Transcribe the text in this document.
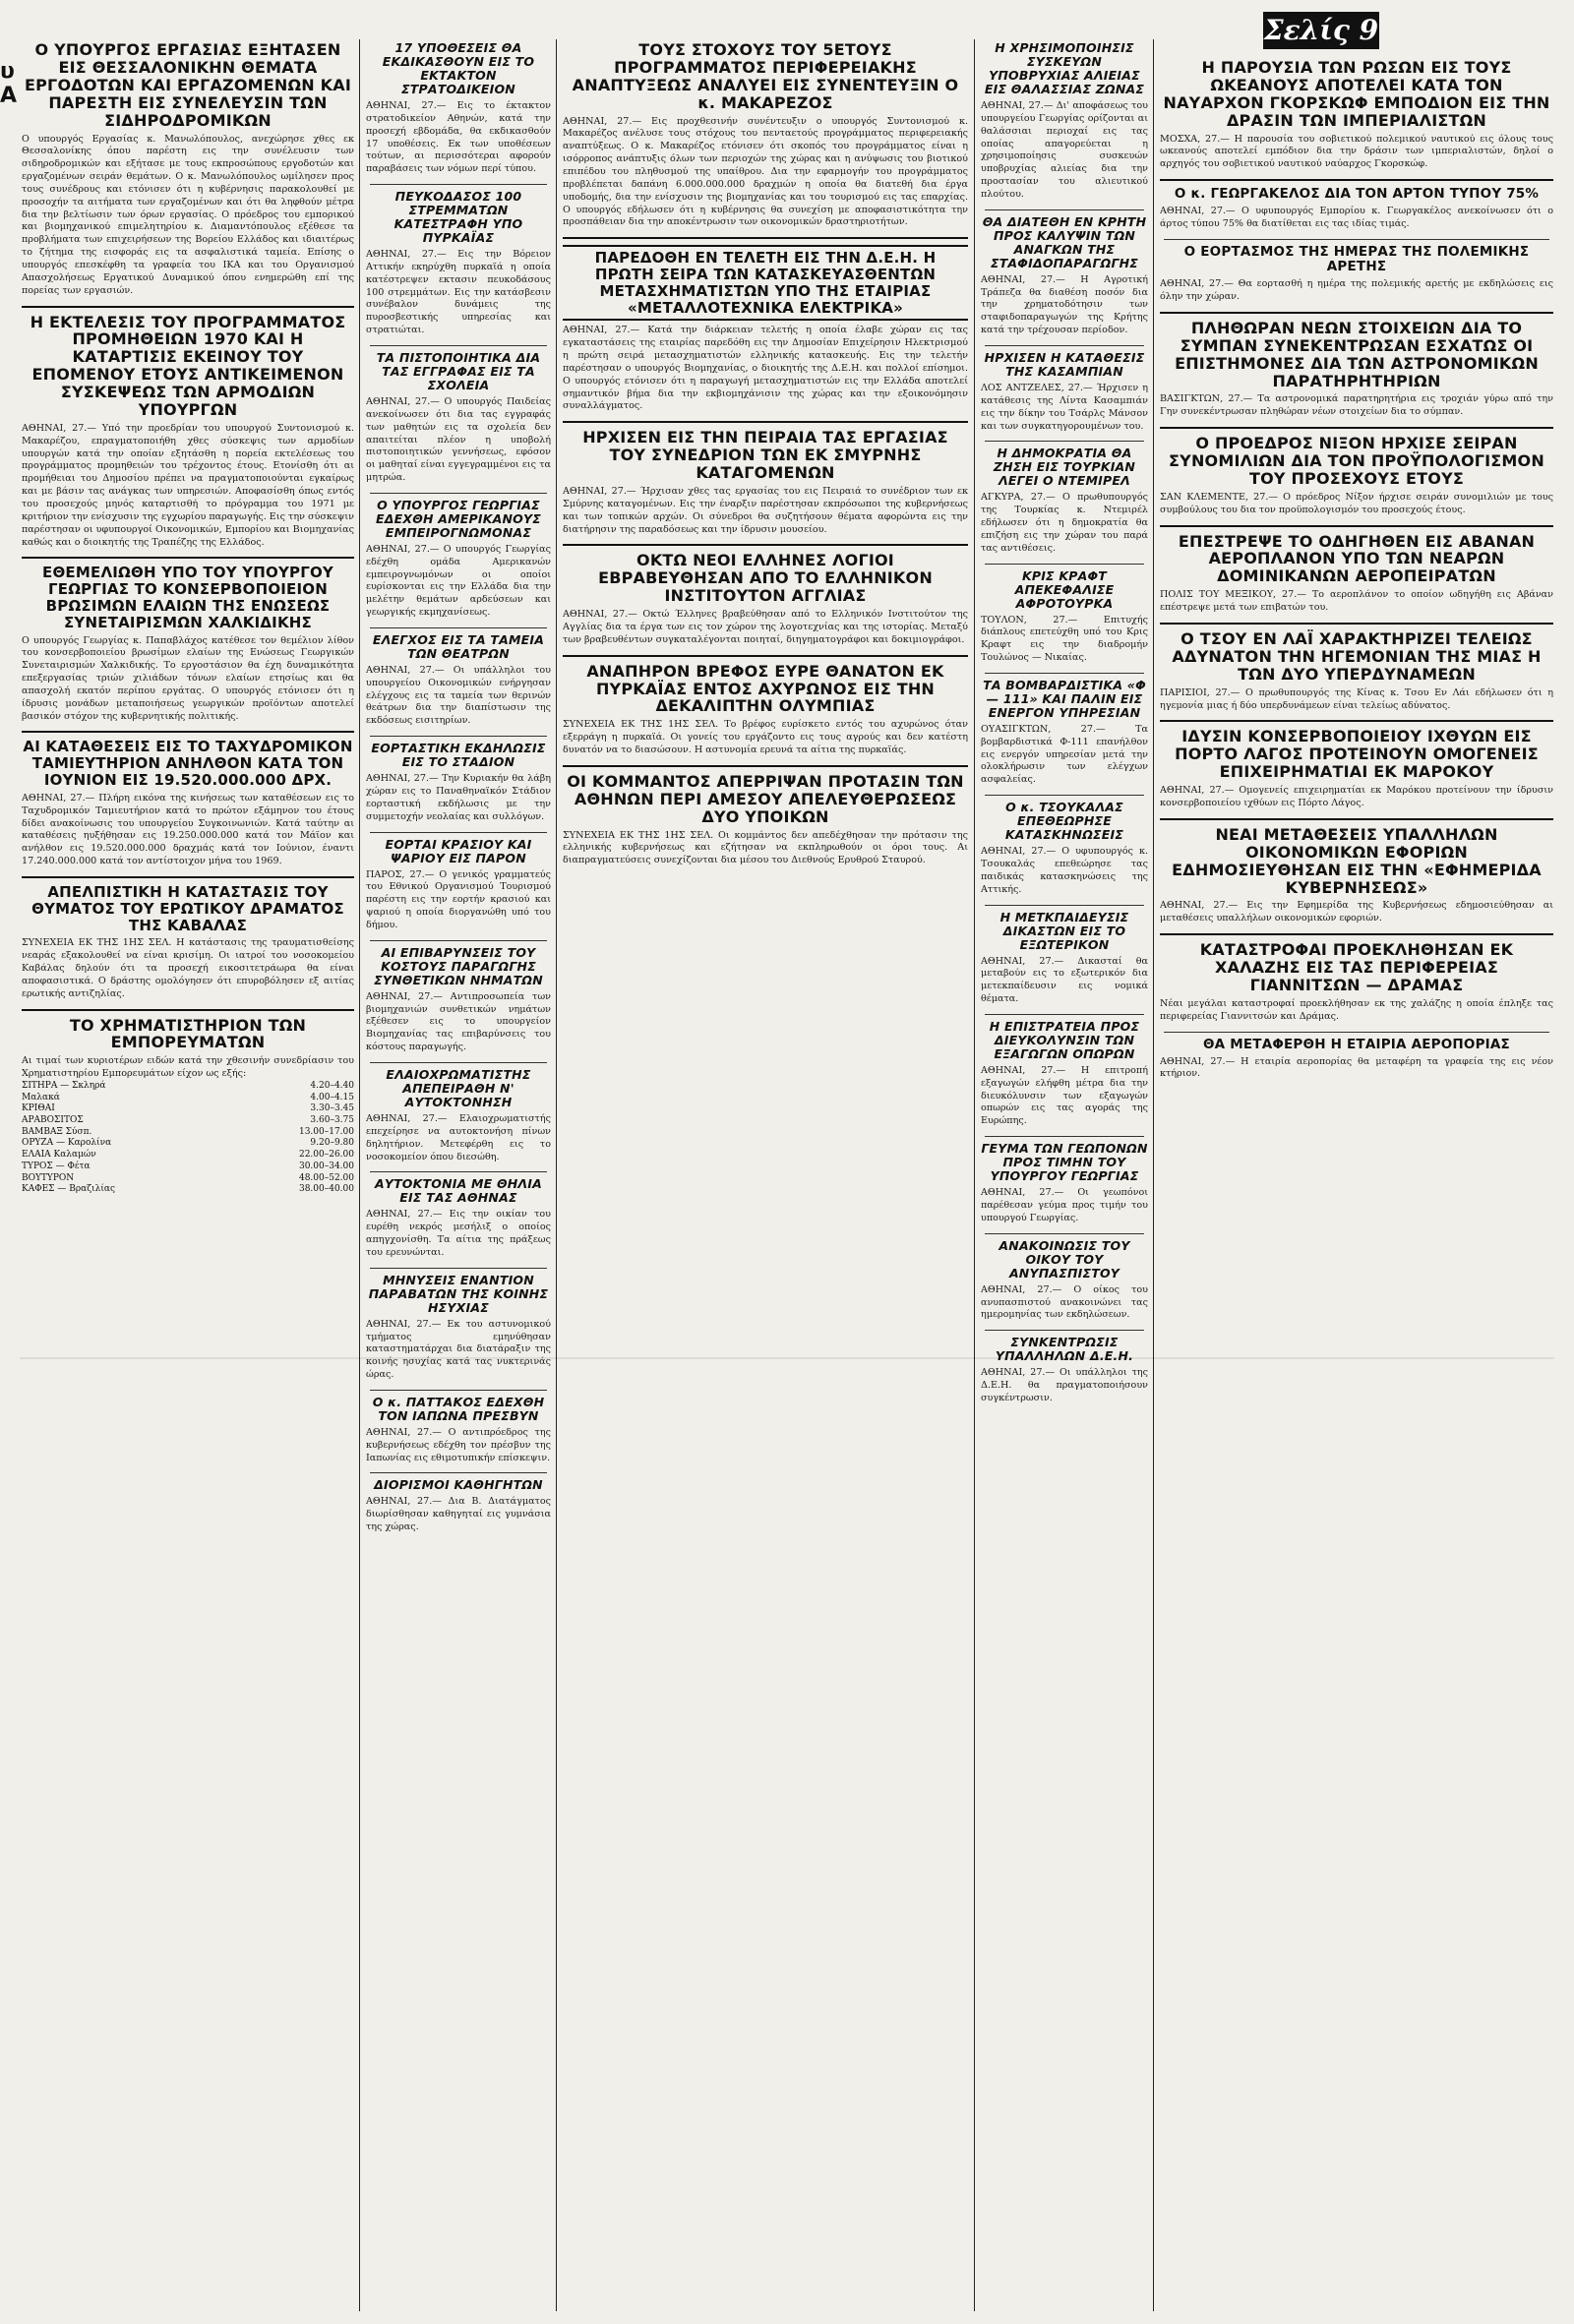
υ Α
Σελίς 9
Ο ΥΠΟΥΡΓΟΣ ΕΡΓΑΣΙΑΣ ΕΞΗΤΑΣΕΝ ΕΙΣ ΘΕΣΣΑΛΟΝΙΚΗΝ ΘΕΜΑΤΑ ΕΡΓΟΔΟΤΩΝ ΚΑΙ ΕΡΓΑΖΟΜΕΝΩΝ ΚΑΙ ΠΑΡΕΣΤΗ ΕΙΣ ΣΥΝΕΛΕΥΣΙΝ ΤΩΝ ΣΙΔΗΡΟΔΡΟΜΙΚΩΝ

Ο υπουργός Εργασίας κ. Μανωλόπουλος, ανεχώρησε χθες εκ Θεσσαλονίκης όπου παρέστη εις την συνέλευσιν των σιδηροδρομικών και εξήτασε με τους εκπροσώπους εργοδοτών και εργαζομένων σειράν θεμάτων. Ο κ. Μανωλόπουλος ωμίλησεν προς τους συνέδρους και ετόνισεν ότι η κυβέρνησις παρακολουθεί με προσοχήν τα αιτήματα των εργαζομένων και ότι θα ληφθούν μέτρα δια την βελτίωσιν των όρων εργασίας. Ο πρόεδρος του εμπορικού και βιομηχανικού επιμελητηρίου κ. Διαμαντόπουλος εξέθεσε τα προβλήματα των επιχειρήσεων της Βορείου Ελλάδος και ιδιαιτέρως το ζήτημα της εισφοράς εις τα ασφαλιστικά ταμεία. Επίσης ο υπουργός επεσκέφθη τα γραφεία του ΙΚΑ και του Οργανισμού Απασχολήσεως Εργατικού Δυναμικού όπου ενημερώθη επί της πορείας των εργασιών.

Η ΕΚΤΕΛΕΣΙΣ ΤΟΥ ΠΡΟΓΡΑΜΜΑΤΟΣ ΠΡΟΜΗΘΕΙΩΝ 1970 ΚΑΙ Η ΚΑΤΑΡΤΙΣΙΣ ΕΚΕΙΝΟΥ ΤΟΥ ΕΠΟΜΕΝΟΥ ΕΤΟΥΣ ΑΝΤΙΚΕΙΜΕΝΟΝ ΣΥΣΚΕΨΕΩΣ ΤΩΝ ΑΡΜΟΔΙΩΝ ΥΠΟΥΡΓΩΝ

ΑΘΗΝΑΙ, 27.— Υπό την προεδρίαν του υπουργού Συντονισμού κ. Μακαρέζου, επραγματοποιήθη χθες σύσκεψις των αρμοδίων υπουργών κατά την οποίαν εξητάσθη η πορεία εκτελέσεως του προγράμματος προμηθειών του τρέχοντος έτους. Ετονίσθη ότι αι προμήθειαι του Δημοσίου πρέπει να πραγματοποιούνται εγκαίρως και με βάσιν τας ανάγκας των υπηρεσιών. Αποφασίσθη όπως εντός του προσεχούς μηνός καταρτισθή το πρόγραμμα του 1971 με κριτήριον την ενίσχυσιν της εγχωρίου παραγωγής. Εις την σύσκεψιν παρέστησαν οι υφυπουργοί Οικονομικών, Εμπορίου και Βιομηχανίας καθώς και ο διοικητής της Τραπέζης της Ελλάδος.

ΕΘΕΜΕΛΙΩΘΗ ΥΠΟ ΤΟΥ ΥΠΟΥΡΓΟΥ ΓΕΩΡΓΙΑΣ ΤΟ ΚΟΝΣΕΡΒΟΠΟΙΕΙΟΝ ΒΡΩΣΙΜΩΝ ΕΛΑΙΩΝ ΤΗΣ ΕΝΩΣΕΩΣ ΣΥΝΕΤΑΙΡΙΣΜΩΝ ΧΑΛΚΙΔΙΚΗΣ

Ο υπουργός Γεωργίας κ. Παπαβλάχος κατέθεσε τον θεμέλιον λίθον του κονσερβοποιείου βρωσίμων ελαίων της Ενώσεως Γεωργικών Συνεταιρισμών Χαλκιδικής. Το εργοστάσιον θα έχη δυναμικότητα επεξεργασίας τριών χιλιάδων τόνων ελαίων ετησίως και θα απασχολή εκατόν περίπου εργάτας. Ο υπουργός ετόνισεν ότι η ίδρυσις μονάδων μεταποιήσεως γεωργικών προϊόντων αποτελεί βασικόν στόχον της κυβερνητικής πολιτικής.

ΑΙ ΚΑΤΑΘΕΣΕΙΣ ΕΙΣ ΤΟ ΤΑΧΥΔΡΟΜΙΚΟΝ ΤΑΜΙΕΥΤΗΡΙΟΝ ΑΝΗΛΘΟΝ ΚΑΤΑ ΤΟΝ ΙΟΥΝΙΟΝ ΕΙΣ 19.520.000.000 ΔΡΧ.

ΑΘΗΝΑΙ, 27.— Πλήρη εικόνα της κινήσεως των καταθέσεων εις το Ταχυδρομικόν Ταμιευτήριον κατά το πρώτον εξάμηνον του έτους δίδει ανακοίνωσις του υπουργείου Συγκοινωνιών. Κατά ταύτην αι καταθέσεις ηυξήθησαν εις 19.250.000.000 κατά τον Μάϊον και ανήλθον εις 19.520.000.000 δραχμάς κατά τον Ιούνιον, έναντι 17.240.000.000 κατά τον αντίστοιχον μήνα του 1969.

ΑΠΕΛΠΙΣΤΙΚΗ Η ΚΑΤΑΣΤΑΣΙΣ ΤΟΥ ΘΥΜΑΤΟΣ ΤΟΥ ΕΡΩΤΙΚΟΥ ΔΡΑΜΑΤΟΣ ΤΗΣ ΚΑΒΑΛΑΣ

ΣΥΝΕΧΕΙΑ ΕΚ ΤΗΣ 1ΗΣ ΣΕΛ. Η κατάστασις της τραυματισθείσης νεαράς εξακολουθεί να είναι κρισίμη. Οι ιατροί του νοσοκομείου Καβάλας δηλούν ότι τα προσεχή εικοσιτετράωρα θα είναι αποφασιστικά. Ο δράστης ομολόγησεν ότι επυροβόλησεν εξ αιτίας ερωτικής αντιζηλίας.

ΤΟ ΧΡΗΜΑΤΙΣΤΗΡΙΟΝ ΤΩΝ ΕΜΠΟΡΕΥΜΑΤΩΝ

Αι τιμαί των κυριοτέρων ειδών κατά την χθεσινήν συνεδρίασιν του Χρηματιστηρίου Εμπορευμάτων είχον ως εξής:

ΣΙΤΗΡΑ — Σκληρά	4.20–4.40
Μαλακά	4.00–4.15
ΚΡΙΘΑΙ	3.30–3.45
ΑΡΑΒΟΣΙΤΟΣ	3.60–3.75
ΒΑΜΒΑΞ Σύσπ.	13.00–17.00
ΟΡΥΖΑ — Καρολίνα	9.20–9.80
ΕΛΑΙΑ Καλαμών	22.00–26.00
ΤΥΡΟΣ — Φέτα	30.00–34.00
ΒΟΥΤΥΡΟΝ	48.00–52.00
ΚΑΦΕΣ — Βραζιλίας	38.00–40.00
17 ΥΠΟΘΕΣΕΙΣ ΘΑ ΕΚΔΙΚΑΣΘΟΥΝ ΕΙΣ ΤΟ ΕΚΤΑΚΤΟΝ ΣΤΡΑΤΟΔΙΚΕΙΟΝ

ΑΘΗΝΑΙ, 27.— Εις το έκτακτον στρατοδικείον Αθηνών, κατά την προσεχή εβδομάδα, θα εκδικασθούν 17 υποθέσεις. Εκ των υποθέσεων τούτων, αι περισσότεραι αφορούν παραβάσεις των νόμων περί τύπου.

ΠΕΥΚΟΔΑΣΟΣ 100 ΣΤΡΕΜΜΑΤΩΝ ΚΑΤΕΣΤΡΑΦΗ ΥΠΟ ΠΥΡΚΑΪΑΣ

ΑΘΗΝΑΙ, 27.— Εις την Βόρειον Αττικήν εκηρύχθη πυρκαϊά η οποία κατέστρεψεν εκτασιν πευκοδάσους 100 στρεμμάτων. Εις την κατάσβεσιν συνέβαλον δυνάμεις της πυροσβεστικής υπηρεσίας και στρατιώται.

ΤΑ ΠΙΣΤΟΠΟΙΗΤΙΚΑ ΔΙΑ ΤΑΣ ΕΓΓΡΑΦΑΣ ΕΙΣ ΤΑ ΣΧΟΛΕΙΑ

ΑΘΗΝΑΙ, 27.— Ο υπουργός Παιδείας ανεκοίνωσεν ότι δια τας εγγραφάς των μαθητών εις τα σχολεία δεν απαιτείται πλέον η υποβολή πιστοποιητικών γεννήσεως, εφόσον οι μαθηταί είναι εγγεγραμμένοι εις τα μητρώα.

Ο ΥΠΟΥΡΓΟΣ ΓΕΩΡΓΙΑΣ ΕΔΕΧΘΗ ΑΜΕΡΙΚΑΝΟΥΣ ΕΜΠΕΙΡΟΓΝΩΜΟΝΑΣ

ΑΘΗΝΑΙ, 27.— Ο υπουργός Γεωργίας εδέχθη ομάδα Αμερικανών εμπειρογνωμόνων οι οποίοι ευρίσκονται εις την Ελλάδα δια την μελέτην θεμάτων αρδεύσεων και γεωργικής εκμηχανίσεως.

ΕΛΕΓΧΟΣ ΕΙΣ ΤΑ ΤΑΜΕΙΑ ΤΩΝ ΘΕΑΤΡΩΝ

ΑΘΗΝΑΙ, 27.— Οι υπάλληλοι του υπουργείου Οικονομικών ενήργησαν ελέγχους εις τα ταμεία των θερινών θεάτρων δια την διαπίστωσιν της εκδόσεως εισιτηρίων.

ΕΟΡΤΑΣΤΙΚΗ ΕΚΔΗΛΩΣΙΣ ΕΙΣ ΤΟ ΣΤΑΔΙΟΝ

ΑΘΗΝΑΙ, 27.— Την Κυριακήν θα λάβη χώραν εις το Παναθηναϊκόν Στάδιον εορταστική εκδήλωσις με την συμμετοχήν νεολαίας και συλλόγων.

ΕΟΡΤΑΙ ΚΡΑΣΙΟΥ ΚΑΙ ΨΑΡΙΟΥ ΕΙΣ ΠΑΡΟΝ

ΠΑΡΟΣ, 27.— Ο γενικός γραμματεύς του Εθνικού Οργανισμού Τουρισμού παρέστη εις την εορτήν κρασιού και ψαριού η οποία διοργανώθη υπό του δήμου.

ΑΙ ΕΠΙΒΑΡΥΝΣΕΙΣ ΤΟΥ ΚΟΣΤΟΥΣ ΠΑΡΑΓΩΓΗΣ ΣΥΝΘΕΤΙΚΩΝ ΝΗΜΑΤΩΝ

ΑΘΗΝΑΙ, 27.— Αντιπροσωπεία των βιομηχανιών συνθετικών νημάτων εξέθεσεν εις το υπουργείον Βιομηχανίας τας επιβαρύνσεις του κόστους παραγωγής.

ΕΛΑΙΟΧΡΩΜΑΤΙΣΤΗΣ ΑΠΕΠΕΙΡΑΘΗ Ν' ΑΥΤΟΚΤΟΝΗΣΗ

ΑΘΗΝΑΙ, 27.— Ελαιοχρωματιστής επεχείρησε να αυτοκτονήση πίνων δηλητήριον. Μετεφέρθη εις το νοσοκομείον όπου διεσώθη.

ΑΥΤΟΚΤΟΝΙΑ ΜΕ ΘΗΛΙΑ ΕΙΣ ΤΑΣ ΑΘΗΝΑΣ

ΑΘΗΝΑΙ, 27.— Εις την οικίαν του ευρέθη νεκρός μεσήλιξ ο οποίος απηγχονίσθη. Τα αίτια της πράξεως του ερευνώνται.

ΜΗΝΥΣΕΙΣ ΕΝΑΝΤΙΟΝ ΠΑΡΑΒΑΤΩΝ ΤΗΣ ΚΟΙΝΗΣ ΗΣΥΧΙΑΣ

ΑΘΗΝΑΙ, 27.— Εκ του αστυνομικού τμήματος εμηνύθησαν καταστηματάρχαι δια διατάραξιν της κοινής ησυχίας κατά τας νυκτερινάς ώρας.

Ο κ. ΠΑΤΤΑΚΟΣ ΕΔΕΧΘΗ ΤΟΝ ΙΑΠΩΝΑ ΠΡΕΣΒΥΝ

ΑΘΗΝΑΙ, 27.— Ο αντιπρόεδρος της κυβερνήσεως εδέχθη τον πρέσβυν της Ιαπωνίας εις εθιμοτυπικήν επίσκεψιν.

ΔΙΟΡΙΣΜΟΙ ΚΑΘΗΓΗΤΩΝ

ΑΘΗΝΑΙ, 27.— Δια Β. Διατάγματος διωρίσθησαν καθηγηταί εις γυμνάσια της χώρας.

ΤΟΥΣ ΣΤΟΧΟΥΣ ΤΟΥ 5ΕΤΟΥΣ ΠΡΟΓΡΑΜΜΑΤΟΣ ΠΕΡΙΦΕΡΕΙΑΚΗΣ ΑΝΑΠΤΥΞΕΩΣ ΑΝΑΛΥΕΙ ΕΙΣ ΣΥΝΕΝΤΕΥΞΙΝ Ο κ. ΜΑΚΑΡΕΖΟΣ

ΑΘΗΝΑΙ, 27.— Εις προχθεσινήν συνέντευξιν ο υπουργός Συντονισμού κ. Μακαρέζος ανέλυσε τους στόχους του πενταετούς προγράμματος περιφερειακής αναπτύξεως. Ο κ. Μακαρέζος ετόνισεν ότι σκοπός του προγράμματος είναι η ισόρροπος ανάπτυξις όλων των περιοχών της χώρας και η ανύψωσις του βιοτικού επιπέδου του πληθυσμού της υπαίθρου. Δια την εφαρμογήν του προγράμματος προβλέπεται δαπάνη 6.000.000.000 δραχμών η οποία θα διατεθή δια έργα υποδομής, δια την ενίσχυσιν της βιομηχανίας και του τουρισμού εις τας επαρχίας. Ο υπουργός εδήλωσεν ότι η κυβέρνησις θα συνεχίση με αποφασιστικότητα την προσπάθειαν δια την αποκέντρωσιν των οικονομικών δραστηριοτήτων.

ΠΑΡΕΔΟΘΗ ΕΝ ΤΕΛΕΤΗ ΕΙΣ ΤΗΝ Δ.Ε.Η. Η ΠΡΩΤΗ ΣΕΙΡΑ ΤΩΝ ΚΑΤΑΣΚΕΥΑΣΘΕΝΤΩΝ ΜΕΤΑΣΧΗΜΑΤΙΣΤΩΝ ΥΠΟ ΤΗΣ ΕΤΑΙΡΙΑΣ «ΜΕΤΑΛΛΟΤΕΧΝΙΚΑ ΕΛΕΚΤΡΙΚΑ»

ΑΘΗΝΑΙ, 27.— Κατά την διάρκειαν τελετής η οποία έλαβε χώραν εις τας εγκαταστάσεις της εταιρίας παρεδόθη εις την Δημοσίαν Επιχείρησιν Ηλεκτρισμού η πρώτη σειρά μετασχηματιστών ελληνικής κατασκευής. Εις την τελετήν παρέστησαν ο υπουργός Βιομηχανίας, ο διοικητής της Δ.Ε.Η. και πολλοί επίσημοι. Ο υπουργός ετόνισεν ότι η παραγωγή μετασχηματιστών εις την Ελλάδα αποτελεί σημαντικόν βήμα δια την εκβιομηχάνισιν της χώρας και την εξοικονόμησιν συναλλάγματος.

ΗΡΧΙΣΕΝ ΕΙΣ ΤΗΝ ΠΕΙΡΑΙΑ ΤΑΣ ΕΡΓΑΣΙΑΣ ΤΟΥ ΣΥΝΕΔΡΙΟΝ ΤΩΝ ΕΚ ΣΜΥΡΝΗΣ ΚΑΤΑΓΟΜΕΝΩΝ

ΑΘΗΝΑΙ, 27.— Ήρχισαν χθες τας εργασίας του εις Πειραιά το συνέδριον των εκ Σμύρνης καταγομένων. Εις την έναρξιν παρέστησαν εκπρόσωποι της κυβερνήσεως και των τοπικών αρχών. Οι σύνεδροι θα συζητήσουν θέματα αφορώντα εις την διατήρησιν της παραδόσεως και την ίδρυσιν μουσείου.

ΟΚΤΩ ΝΕΟΙ ΕΛΛΗΝΕΣ ΛΟΓΙΟΙ ΕΒΡΑΒΕΥΘΗΣΑΝ ΑΠΟ ΤΟ ΕΛΛΗΝΙΚΟΝ ΙΝΣΤΙΤΟΥΤΟΝ ΑΓΓΛΙΑΣ

ΑΘΗΝΑΙ, 27.— Οκτώ Έλληνες βραβεύθησαν από το Ελληνικόν Ινστιτούτον της Αγγλίας δια τα έργα των εις τον χώρον της λογοτεχνίας και της ιστορίας. Μεταξύ των βραβευθέντων συγκαταλέγονται ποιηταί, διηγηματογράφοι και δοκιμιογράφοι.

ΑΝΑΠΗΡΟΝ ΒΡΕΦΟΣ ΕΥΡΕ ΘΑΝΑΤΟΝ ΕΚ ΠΥΡΚΑΪΑΣ ΕΝΤΟΣ ΑΧΥΡΩΝΟΣ ΕΙΣ ΤΗΝ ΔΕΚΑΛΙΠΤΗΝ ΟΛΥΜΠΙΑΣ

ΣΥΝΕΧΕΙΑ ΕΚ ΤΗΣ 1ΗΣ ΣΕΛ. Το βρέφος ευρίσκετο εντός του αχυρώνος όταν εξερράγη η πυρκαϊά. Οι γονείς του εργάζοντο εις τους αγρούς και δεν κατέστη δυνατόν να το διασώσουν. Η αστυνομία ερευνά τα αίτια της πυρκαϊάς.

ΟΙ ΚΟΜΜΑΝΤΟΣ ΑΠΕΡΡΙΨΑΝ ΠΡΟΤΑΣΙΝ ΤΩΝ ΑΘΗΝΩΝ ΠΕΡΙ ΑΜΕΣΟΥ ΑΠΕΛΕΥΘΕΡΩΣΕΩΣ ΔΥΟ ΥΠΟΙΚΩΝ

ΣΥΝΕΧΕΙΑ ΕΚ ΤΗΣ 1ΗΣ ΣΕΛ. Οι κομμάντος δεν απεδέχθησαν την πρότασιν της ελληνικής κυβερνήσεως και εζήτησαν να εκπληρωθούν οι όροι τους. Αι διαπραγματεύσεις συνεχίζονται δια μέσου του Διεθνούς Ερυθρού Σταυρού.

Η ΧΡΗΣΙΜΟΠΟΙΗΣΙΣ ΣΥΣΚΕΥΩΝ ΥΠΟΒΡΥΧΙΑΣ ΑΛΙΕΙΑΣ ΕΙΣ ΘΑΛΑΣΣΙΑΣ ΖΩΝΑΣ

ΑΘΗΝΑΙ, 27.— Δι' αποφάσεως του υπουργείου Γεωργίας ορίζονται αι θαλάσσιαι περιοχαί εις τας οποίας απαγορεύεται η χρησιμοποίησις συσκευών υποβρυχίας αλιείας δια την προστασίαν του αλιευτικού πλούτου.

ΘΑ ΔΙΑΤΕΘΗ ΕΝ ΚΡΗΤΗ ΠΡΟΣ ΚΑΛΥΨΙΝ ΤΩΝ ΑΝΑΓΚΩΝ ΤΗΣ ΣΤΑΦΙΔΟΠΑΡΑΓΩΓΗΣ

ΑΘΗΝΑΙ, 27.— Η Αγροτική Τράπεζα θα διαθέση ποσόν δια την χρηματοδότησιν των σταφιδοπαραγωγών της Κρήτης κατά την τρέχουσαν περίοδον.

ΗΡΧΙΣΕΝ Η ΚΑΤΑΘΕΣΙΣ ΤΗΣ ΚΑΣΑΜΠΙΑΝ

ΛΟΣ ΑΝΤΖΕΛΕΣ, 27.— Ήρχισεν η κατάθεσις της Λίντα Κασαμπιάν εις την δίκην του Τσάρλς Μάνσον και των συγκατηγορουμένων του.

Η ΔΗΜΟΚΡΑΤΙΑ ΘΑ ΖΗΣΗ ΕΙΣ ΤΟΥΡΚΙΑΝ ΛΕΓΕΙ Ο ΝΤΕΜΙΡΕΛ

ΑΓΚΥΡΑ, 27.— Ο πρωθυπουργός της Τουρκίας κ. Ντεμιρέλ εδήλωσεν ότι η δημοκρατία θα επιζήση εις την χώραν του παρά τας αντιθέσεις.

ΚΡΙΣ ΚΡΑΦΤ ΑΠΕΚΕΦΑΛΙΣΕ ΑΦΡΟΤΟΥΡΚΑ

ΤΟΥΛΟΝ, 27.— Επιτυχής διάπλους επετεύχθη υπό του Κρις Κραφτ εις την διαδρομήν Τουλώνος — Νικαίας.

ΤΑ ΒΟΜΒΑΡΔΙΣΤΙΚΑ «Φ — 111» ΚΑΙ ΠΑΛΙΝ ΕΙΣ ΕΝΕΡΓΟΝ ΥΠΗΡΕΣΙΑΝ

ΟΥΑΣΙΓΚΤΩΝ, 27.— Τα βομβαρδιστικά Φ-111 επανήλθον εις ενεργόν υπηρεσίαν μετά την ολοκλήρωσιν των ελέγχων ασφαλείας.

Ο κ. ΤΣΟΥΚΑΛΑΣ ΕΠΕΘΕΩΡΗΣΕ ΚΑΤΑΣΚΗΝΩΣΕΙΣ

ΑΘΗΝΑΙ, 27.— Ο υφυπουργός κ. Τσουκαλάς επεθεώρησε τας παιδικάς κατασκηνώσεις της Αττικής.

Η ΜΕΤΚΠΑΙΔΕΥΣΙΣ ΔΙΚΑΣΤΩΝ ΕΙΣ ΤΟ ΕΞΩΤΕΡΙΚΟΝ

ΑΘΗΝΑΙ, 27.— Δικασταί θα μεταβούν εις το εξωτερικόν δια μετεκπαίδευσιν εις νομικά θέματα.

Η ΕΠΙΣΤΡΑΤΕΙΑ ΠΡΟΣ ΔΙΕΥΚΟΛΥΝΣΙΝ ΤΩΝ ΕΞΑΓΩΓΩΝ ΟΠΩΡΩΝ

ΑΘΗΝΑΙ, 27.— Η επιτροπή εξαγωγών ελήφθη μέτρα δια την διευκόλυνσιν των εξαγωγών οπωρών εις τας αγοράς της Ευρώπης.

ΓΕΥΜΑ ΤΩΝ ΓΕΩΠΟΝΩΝ ΠΡΟΣ ΤΙΜΗΝ ΤΟΥ ΥΠΟΥΡΓΟΥ ΓΕΩΡΓΙΑΣ

ΑΘΗΝΑΙ, 27.— Οι γεωπόνοι παρέθεσαν γεύμα προς τιμήν του υπουργού Γεωργίας.

ΑΝΑΚΟΙΝΩΣΙΣ ΤΟΥ ΟΙΚΟΥ ΤΟΥ ΑΝΥΠΑΣΠΙΣΤΟΥ

ΑΘΗΝΑΙ, 27.— Ο οίκος του ανυπασπιστού ανακοινώνει τας ημερομηνίας των εκδηλώσεων.

ΣΥΝΚΕΝΤΡΩΣΙΣ ΥΠΑΛΛΗΛΩΝ Δ.Ε.Η.

ΑΘΗΝΑΙ, 27.— Οι υπάλληλοι της Δ.Ε.Η. θα πραγματοποιήσουν συγκέντρωσιν.

Η ΠΑΡΟΥΣΙΑ ΤΩΝ ΡΩΣΩΝ ΕΙΣ ΤΟΥΣ ΩΚΕΑΝΟΥΣ ΑΠΟΤΕΛΕΙ ΚΑΤΑ ΤΟΝ ΝΑΥΑΡΧΟΝ ΓΚΟΡΣΚΩΦ ΕΜΠΟΔΙΟΝ ΕΙΣ ΤΗΝ ΔΡΑΣΙΝ ΤΩΝ ΙΜΠΕΡΙΑΛΙΣΤΩΝ

ΜΟΣΧΑ, 27.— Η παρουσία του σοβιετικού πολεμικού ναυτικού εις όλους τους ωκεανούς αποτελεί εμπόδιον δια την δράσιν των ιμπεριαλιστών, δηλοί ο αρχηγός του σοβιετικού ναυτικού ναύαρχος Γκορσκώφ.

Ο κ. ΓΕΩΡΓΑΚΕΛΟΣ ΔΙΑ ΤΟΝ ΑΡΤΟΝ ΤΥΠΟΥ 75%

ΑΘΗΝΑΙ, 27.— Ο υφυπουργός Εμπορίου κ. Γεωργακέλος ανεκοίνωσεν ότι ο άρτος τύπου 75% θα διατίθεται εις τας ιδίας τιμάς.

Ο ΕΟΡΤΑΣΜΟΣ ΤΗΣ ΗΜΕΡΑΣ ΤΗΣ ΠΟΛΕΜΙΚΗΣ ΑΡΕΤΗΣ

ΑΘΗΝΑΙ, 27.— Θα εορτασθή η ημέρα της πολεμικής αρετής με εκδηλώσεις εις όλην την χώραν.

ΠΛΗΘΩΡΑΝ ΝΕΩΝ ΣΤΟΙΧΕΙΩΝ ΔΙΑ ΤΟ ΣΥΜΠΑΝ ΣΥΝΕΚΕΝΤΡΩΣΑΝ ΕΣΧΑΤΩΣ ΟΙ ΕΠΙΣΤΗΜΟΝΕΣ ΔΙΑ ΤΩΝ ΑΣΤΡΟΝΟΜΙΚΩΝ ΠΑΡΑΤΗΡΗΤΗΡΙΩΝ

ΒΑΣΙΓΚΤΩΝ, 27.— Τα αστρονομικά παρατηρητήρια εις τροχιάν γύρω από την Γην συνεκέντρωσαν πληθώραν νέων στοιχείων δια το σύμπαν.

Ο ΠΡΟΕΔΡΟΣ ΝΙΞΟΝ ΗΡΧΙΣΕ ΣΕΙΡΑΝ ΣΥΝΟΜΙΛΙΩΝ ΔΙΑ ΤΟΝ ΠΡΟΫΠΟΛΟΓΙΣΜΟΝ ΤΟΥ ΠΡΟΣΕΧΟΥΣ ΕΤΟΥΣ

ΣΑΝ ΚΛΕΜΕΝΤΕ, 27.— Ο πρόεδρος Νίξον ήρχισε σειράν συνομιλιών με τους συμβούλους του δια τον προϋπολογισμόν του προσεχούς έτους.

ΕΠΕΣΤΡΕΨΕ ΤΟ ΟΔΗΓΗΘΕΝ ΕΙΣ ΑΒΑΝΑΝ ΑΕΡΟΠΛΑΝΟΝ ΥΠΟ ΤΩΝ ΝΕΑΡΩΝ ΔΟΜΙΝΙΚΑΝΩΝ ΑΕΡΟΠΕΙΡΑΤΩΝ

ΠΟΛΙΣ ΤΟΥ ΜΕΞΙΚΟΥ, 27.— Το αεροπλάνον το οποίον ωδηγήθη εις Αβάναν επέστρεψε μετά των επιβατών του.

Ο ΤΣΟΥ ΕΝ ΛΑΪ ΧΑΡΑΚΤΗΡΙΖΕΙ ΤΕΛΕΙΩΣ ΑΔΥΝΑΤΟΝ ΤΗΝ ΗΓΕΜΟΝΙΑΝ ΤΗΣ ΜΙΑΣ Η ΤΩΝ ΔΥΟ ΥΠΕΡΔΥΝΑΜΕΩΝ

ΠΑΡΙΣΙΟΙ, 27.— Ο πρωθυπουργός της Κίνας κ. Τσου Εν Λάι εδήλωσεν ότι η ηγεμονία μιας ή δύο υπερδυνάμεων είναι τελείως αδύνατος.

ΙΔΥΣΙΝ ΚΟΝΣΕΡΒΟΠΟΙΕΙΟΥ ΙΧΘΥΩΝ ΕΙΣ ΠΟΡΤΟ ΛΑΓΟΣ ΠΡΟΤΕΙΝΟΥΝ ΟΜΟΓΕΝΕΙΣ ΕΠΙΧΕΙΡΗΜΑΤΙΑΙ ΕΚ ΜΑΡΟΚΟΥ

ΑΘΗΝΑΙ, 27.— Ομογενείς επιχειρηματίαι εκ Μαρόκου προτείνουν την ίδρυσιν κονσερβοποιείου ιχθύων εις Πόρτο Λάγος.

ΝΕΑΙ ΜΕΤΑΘΕΣΕΙΣ ΥΠΑΛΛΗΛΩΝ ΟΙΚΟΝΟΜΙΚΩΝ ΕΦΟΡΙΩΝ ΕΔΗΜΟΣΙΕΥΘΗΣΑΝ ΕΙΣ ΤΗΝ «ΕΦΗΜΕΡΙΔΑ ΚΥΒΕΡΝΗΣΕΩΣ»

ΑΘΗΝΑΙ, 27.— Εις την Εφημερίδα της Κυβερνήσεως εδημοσιεύθησαν αι μεταθέσεις υπαλλήλων οικονομικών εφοριών.

ΚΑΤΑΣΤΡΟΦΑΙ ΠΡΟΕΚΛΗΘΗΣΑΝ ΕΚ ΧΑΛΑΖΗΣ ΕΙΣ ΤΑΣ ΠΕΡΙΦΕΡΕΙΑΣ ΓΙΑΝΝΙΤΣΩΝ — ΔΡΑΜΑΣ

Νέαι μεγάλαι καταστροφαί προεκλήθησαν εκ της χαλάζης η οποία έπληξε τας περιφερείας Γιαννιτσών και Δράμας.

ΘΑ ΜΕΤΑΦΕΡΘΗ Η ΕΤΑΙΡΙΑ ΑΕΡΟΠΟΡΙΑΣ

ΑΘΗΝΑΙ, 27.— Η εταιρία αεροπορίας θα μεταφέρη τα γραφεία της εις νέον κτήριον.
